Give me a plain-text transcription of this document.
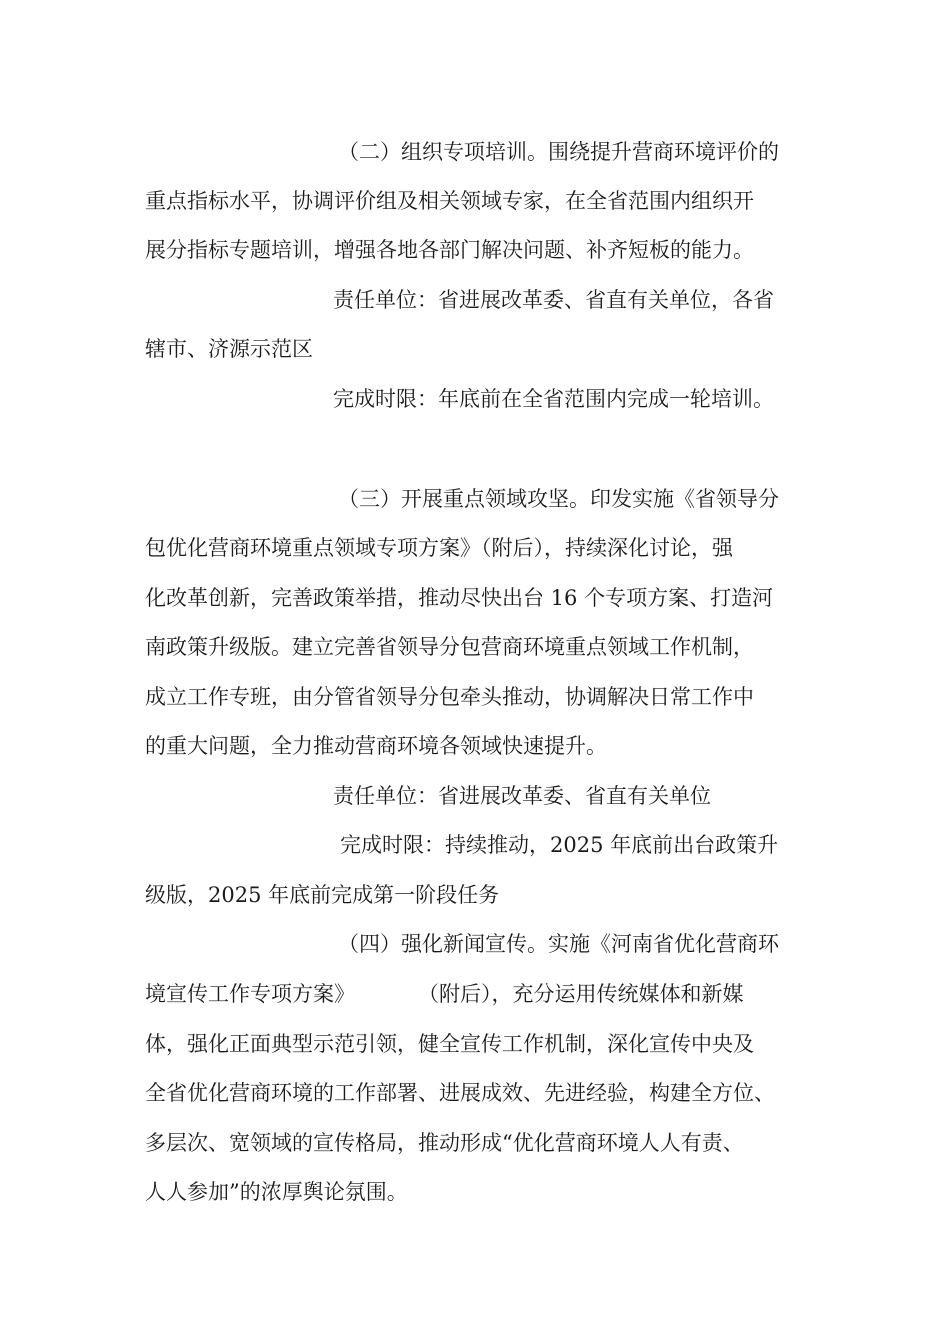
（二）组织专项培训。围绕提升营商环境评价的
重点指标水平，协调评价组及相关领域专家，在全省范围内组织开
展分指标专题培训，增强各地各部门解决问题、补齐短板的能力。
责任单位：省进展改革委、省直有关单位，各省
辖市、济源示范区
完成时限：年底前在全省范围内完成一轮培训。
（三）开展重点领域攻坚。印发实施《省领导分
包优化营商环境重点领域专项方案》（附后），持续深化讨论，强
化改革创新，完善政策举措，推动尽快出台 16 个专项方案、打造河
南政策升级版。建立完善省领导分包营商环境重点领域工作机制，
成立工作专班，由分管省领导分包牵头推动，协调解决日常工作中
的重大问题，全力推动营商环境各领域快速提升。
责任单位：省进展改革委、省直有关单位
完成时限：持续推动，2025 年底前出台政策升
级版，2025 年底前完成第一阶段任务
（四）强化新闻宣传。实施《河南省优化营商环
境宣传工作专项方案》　　　　（附后），充分运用传统媒体和新媒
体，强化正面典型示范引领，健全宣传工作机制，深化宣传中央及
全省优化营商环境的工作部署、进展成效、先进经验，构建全方位、
多层次、宽领域的宣传格局，推动形成“优化营商环境人人有责、
人人参加”的浓厚舆论氛围。
